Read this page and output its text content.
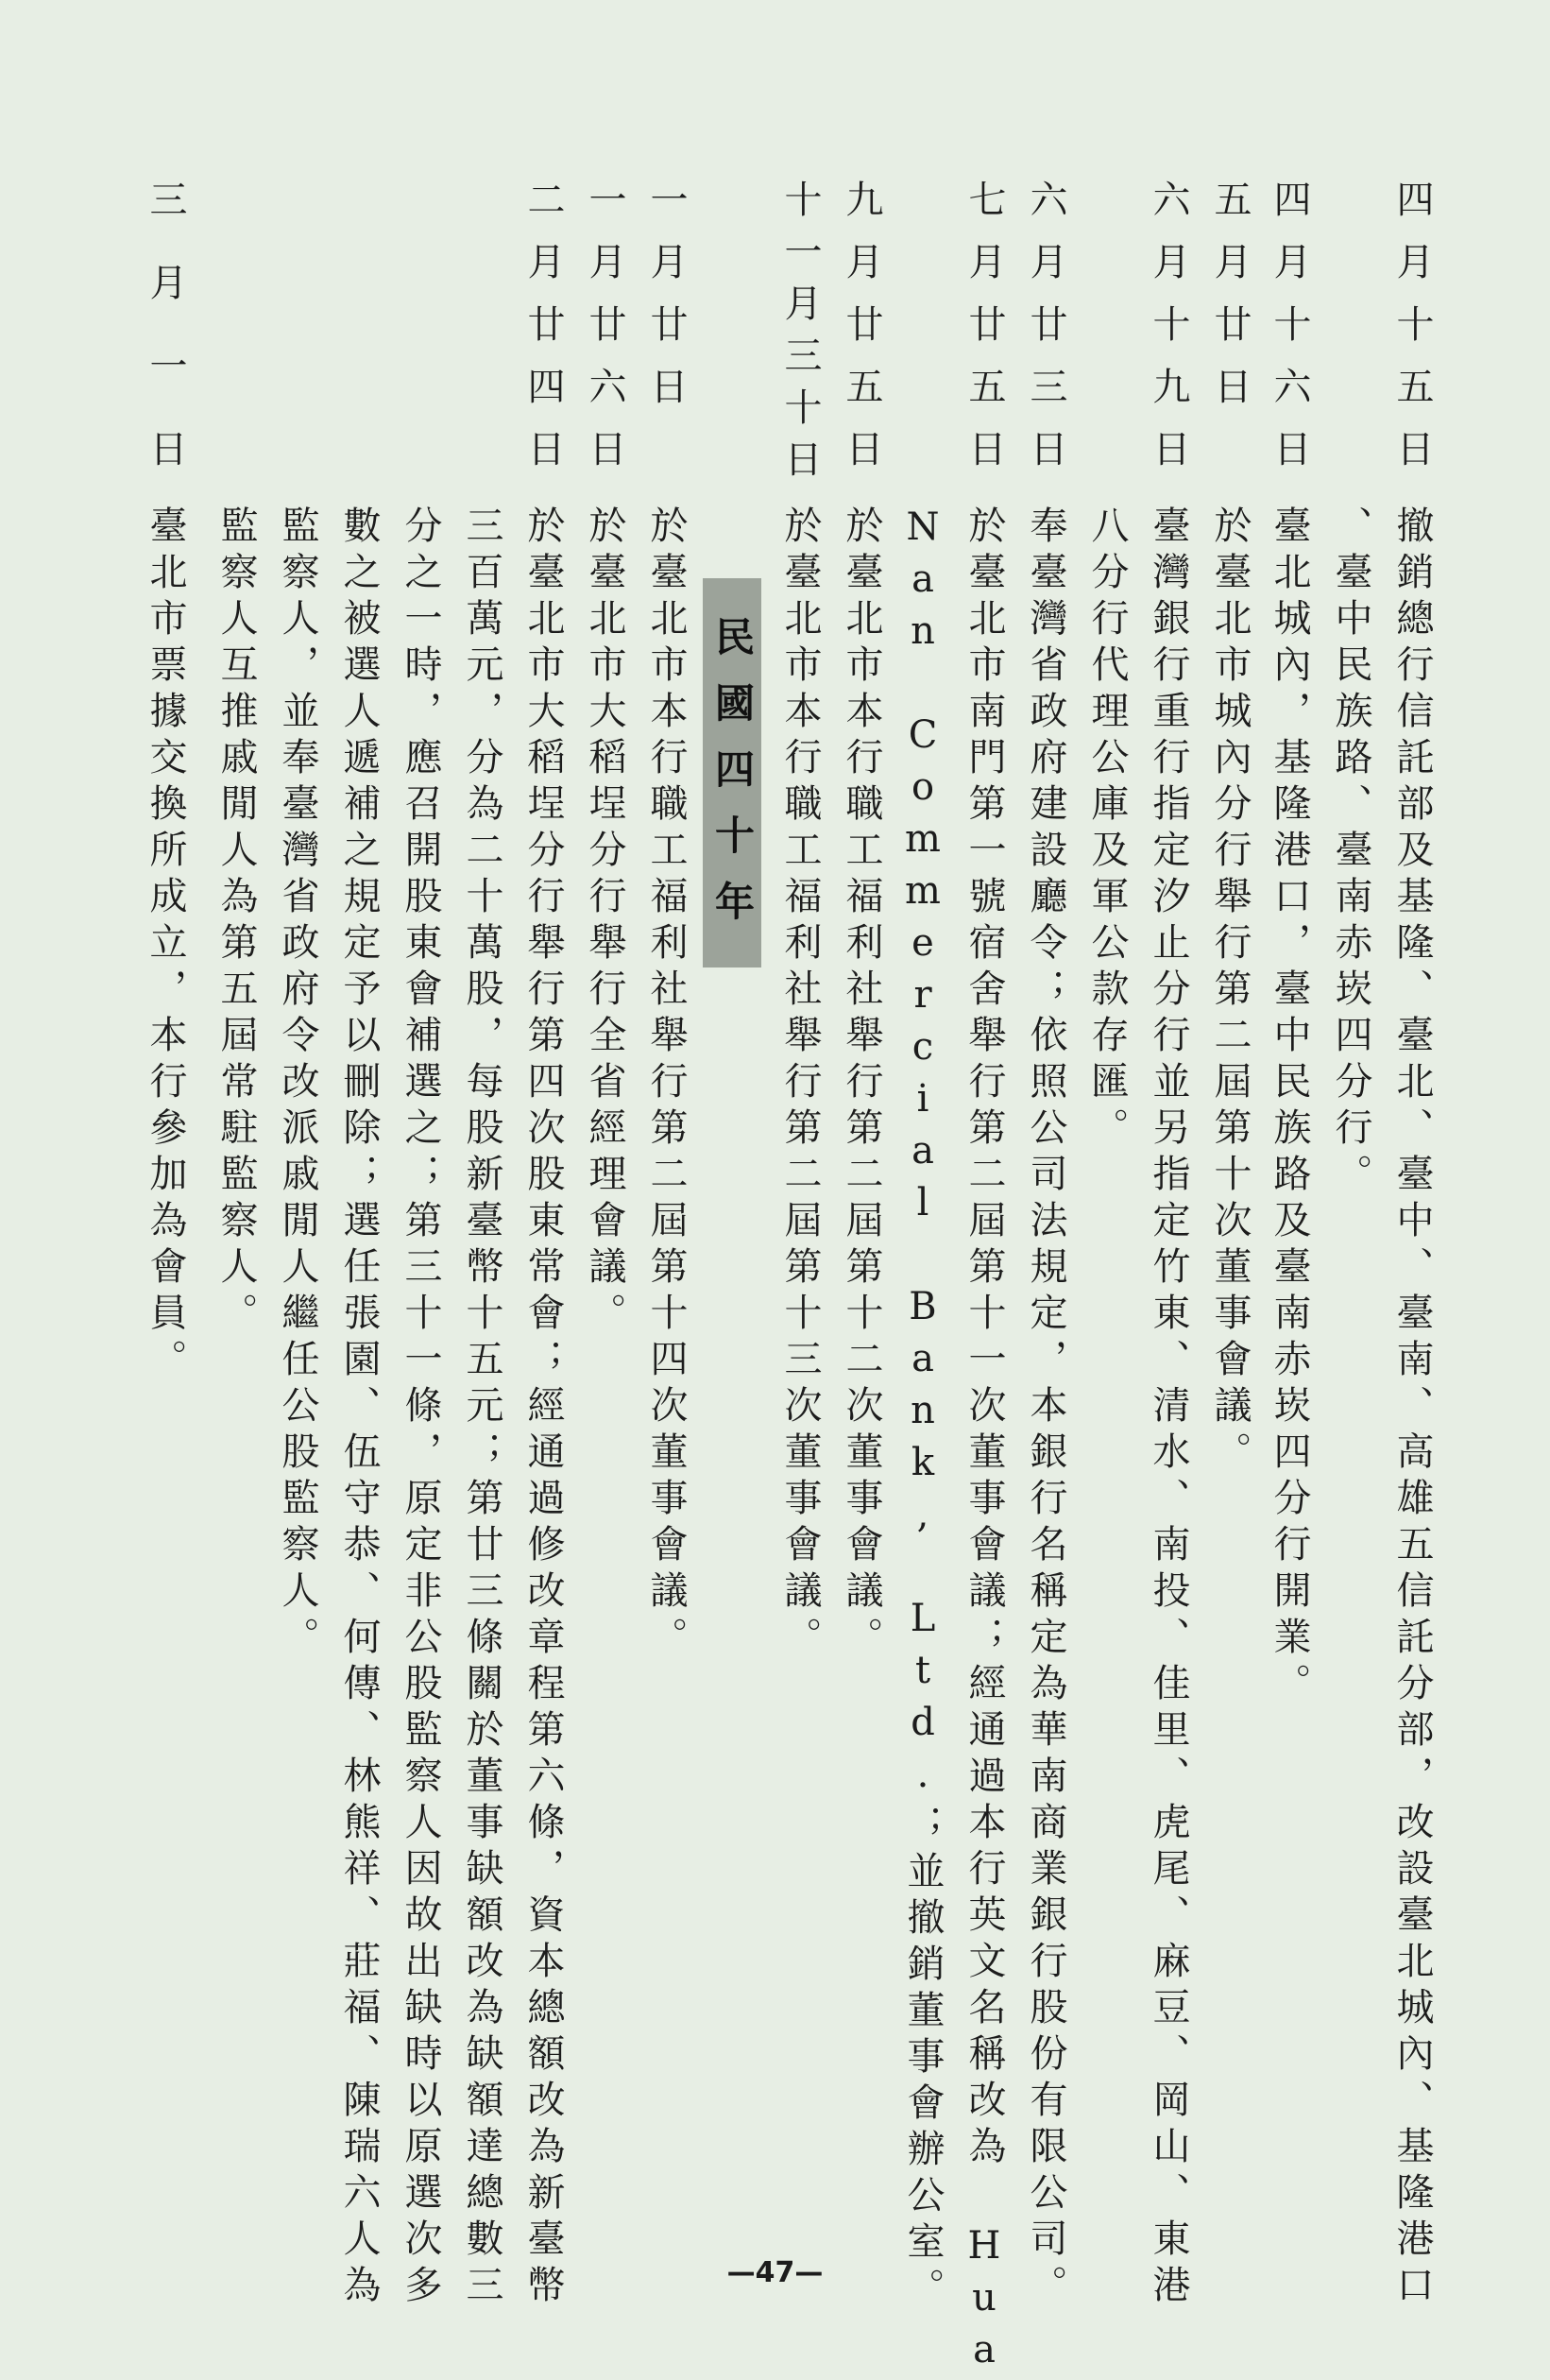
四月十五日
撤銷總行信託部及基隆、臺北、臺中、臺南、高雄五信託分部，改設臺北城內、基隆港口
、臺中民族路、臺南赤崁四分行。
四月十六日
臺北城內，基隆港口，臺中民族路及臺南赤崁四分行開業。
五月廿日
於臺北市城內分行舉行第二屆第十次董事會議。
六月十九日
臺灣銀行重行指定汐止分行並另指定竹東、清水、南投、佳里、虎尾、麻豆、岡山、東港
八分行代理公庫及軍公款存匯。
六月廿三日
奉臺灣省政府建設廳令；依照公司法規定，本銀行名稱定為華南商業銀行股份有限公司。
七月廿五日
於臺北市南門第一號宿舍舉行第二屆第十一次董事會議；經通過本行英文名稱改為 Hua
Nan Commercial Bank, Ltd.；並撤銷董事會辦公室。
九月廿五日
於臺北市本行職工福利社舉行第二屆第十二次董事會議。
十一月三十日
於臺北市本行職工福利社舉行第二屆第十三次董事會議。
民國四十年
一月廿日
於臺北市本行職工福利社舉行第二屆第十四次董事會議。
一月廿六日
於臺北市大稻埕分行舉行全省經理會議。
二月廿四日
於臺北市大稻埕分行舉行第四次股東常會；經通過修改章程第六條，資本總額改為新臺幣
三百萬元，分為二十萬股，每股新臺幣十五元；第廿三條關於董事缺額改為缺額達總數三
分之一時，應召開股東會補選之；第三十一條，原定非公股監察人因故出缺時以原選次多
數之被選人遞補之規定予以刪除；選任張園、伍守恭、何傳、林熊祥、莊福、陳瑞六人為
監察人，並奉臺灣省政府令改派戚閒人繼任公股監察人。
三月一日
臺北市票據交換所成立，本行參加為會員。 監察人互推戚閒人為第五屆常駐監察人。
—47—
